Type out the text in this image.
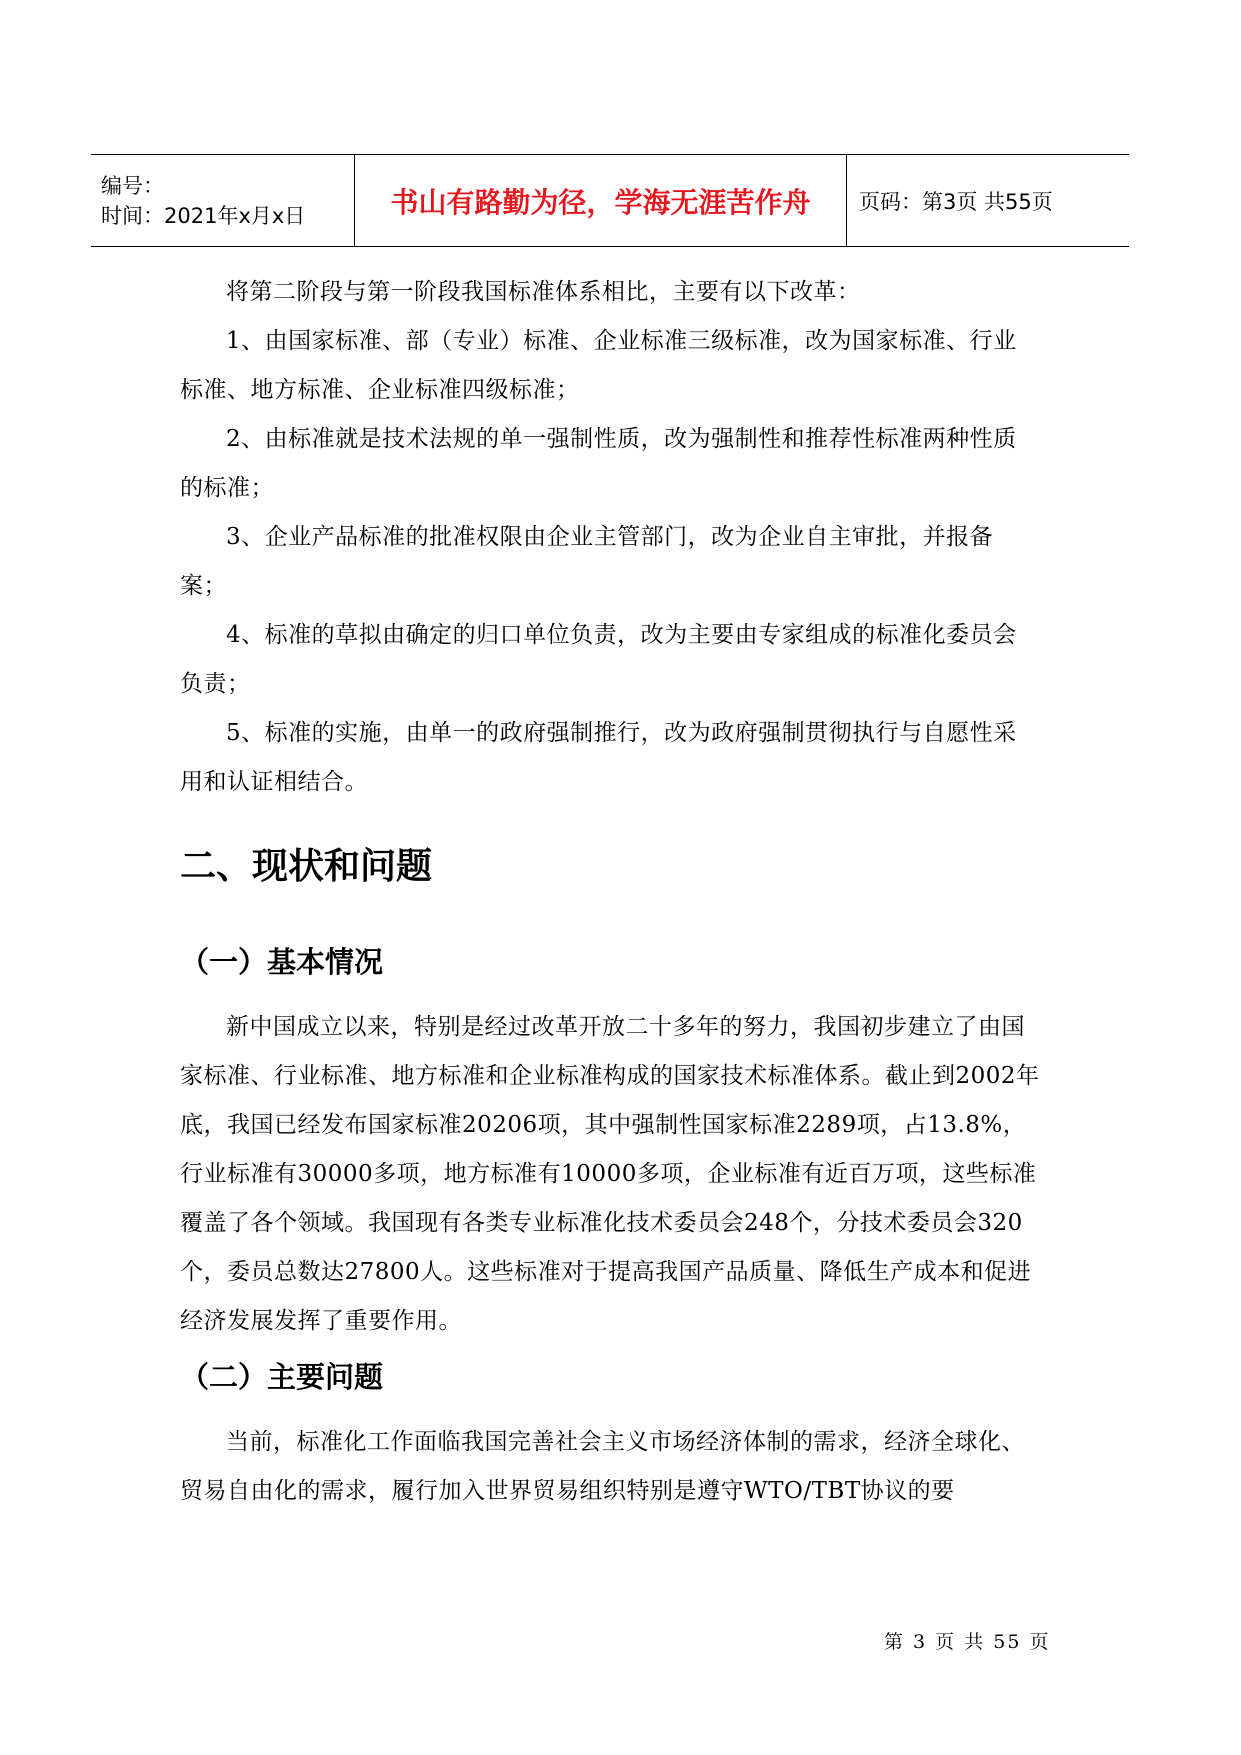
编号：
时间：2021年x月x日	书山有路勤为径，学海无涯苦作舟	页码：第3页 共55页

将第二阶段与第一阶段我国标准体系相比，主要有以下改革：

1、由国家标准、部（专业）标准、企业标准三级标准，改为国家标准、行业标准、地方标准、企业标准四级标准；

2、由标准就是技术法规的单一强制性质，改为强制性和推荐性标准两种性质的标准；

3、企业产品标准的批准权限由企业主管部门，改为企业自主审批，并报备案；

4、标准的草拟由确定的归口单位负责，改为主要由专家组成的标准化委员会负责；

5、标准的实施，由单一的政府强制推行，改为政府强制贯彻执行与自愿性采用和认证相结合。

二、现状和问题
（一）基本情况

新中国成立以来，特别是经过改革开放二十多年的努力，我国初步建立了由国家标准、行业标准、地方标准和企业标准构成的国家技术标准体系。截止到2002年底，我国已经发布国家标准20206项，其中强制性国家标准2289项，占13.8%，行业标准有30000多项，地方标准有10000多项，企业标准有近百万项，这些标准覆盖了各个领域。我国现有各类专业标准化技术委员会248个，分技术委员会320个，委员总数达27800人。这些标准对于提高我国产品质量、降低生产成本和促进经济发展发挥了重要作用。

（二）主要问题

当前，标准化工作面临我国完善社会主义市场经济体制的需求，经济全球化、贸易自由化的需求，履行加入世界贸易组织特别是遵守WTO/TBT协议的要

第 3 页 共 55 页
